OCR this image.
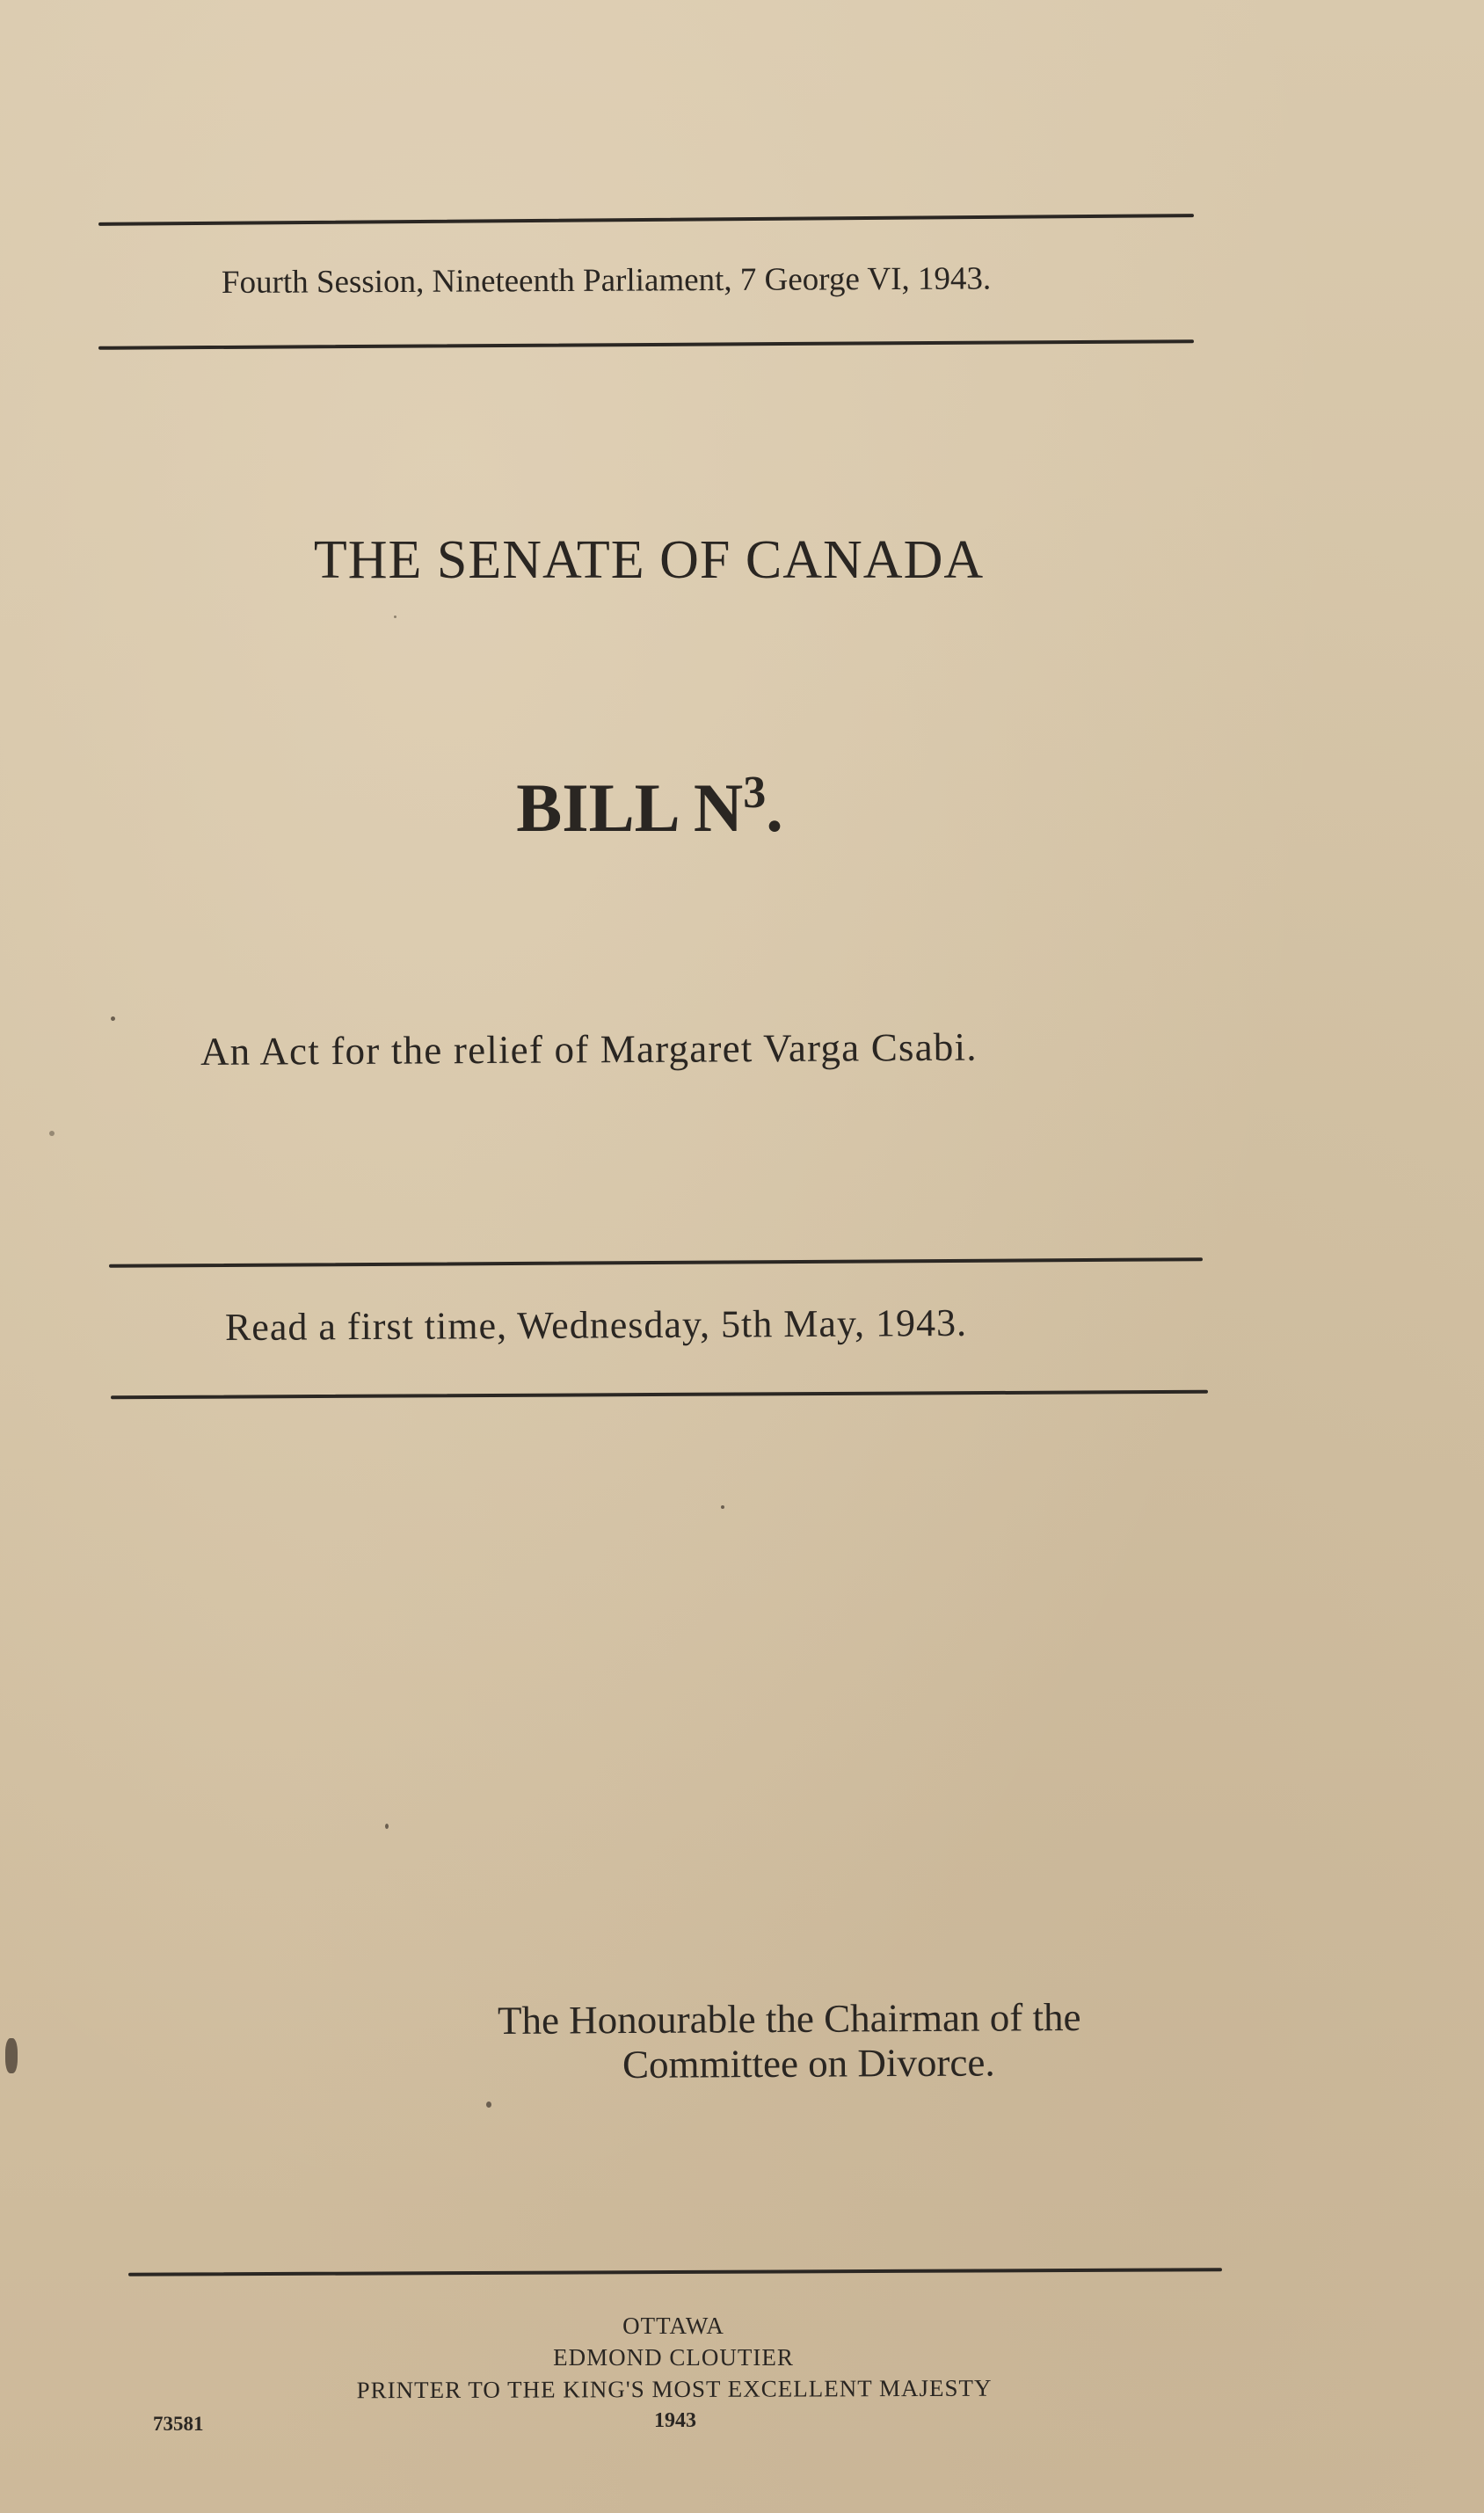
Fourth Session, Nineteenth Parliament, 7 George VI, 1943.
THE SENATE OF CANADA
BILL $N^3$.
An Act for the relief of Margaret Varga Csabi.
Read a first time, Wednesday, 5th May, 1943.
The Honourable the Chairman of the
Committee on Divorce.
OTTAWA
EDMOND CLOUTIER
PRINTER TO THE KING'S MOST EXCELLENT MAJESTY
1943
73581
